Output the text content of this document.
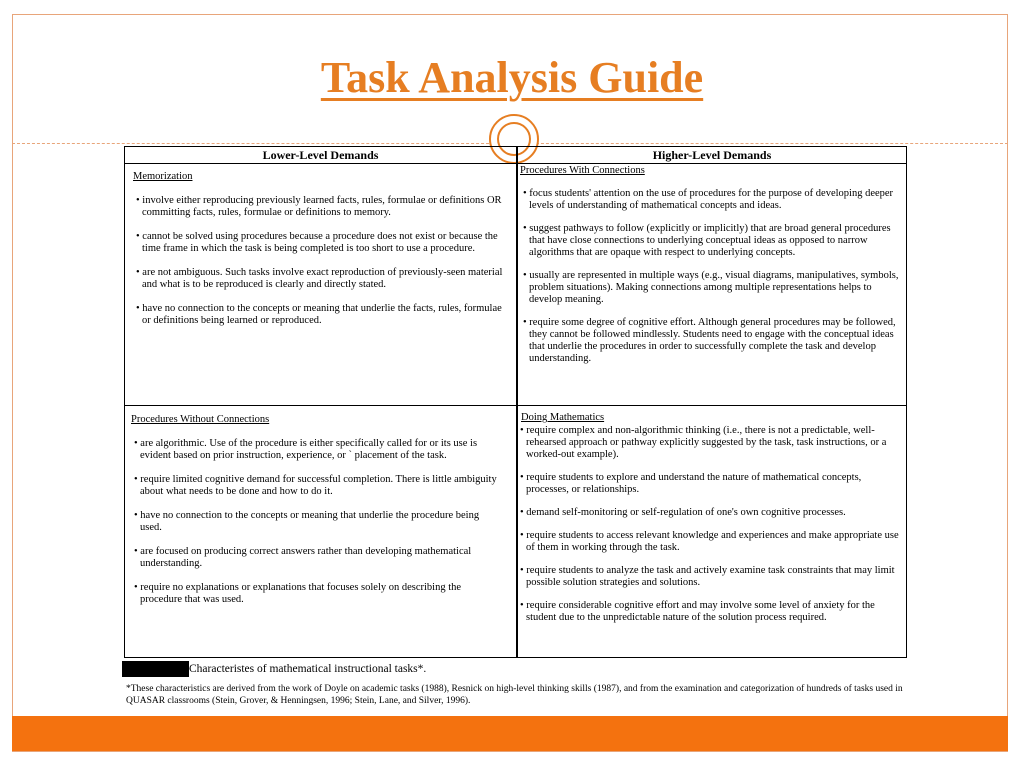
Task Analysis Guide
Lower-Level Demands	Higher-Level Demands
Memorization
• involve either reproducing previously learned facts, rules, formulae or definitions OR committing facts, rules, formulae or definitions to memory.
• cannot be solved using procedures because a procedure does not exist or because the time frame in which the task is being completed is too short to use a procedure.
• are not ambiguous. Such tasks involve exact reproduction of previously-seen material and what is to be reproduced is clearly and directly stated.
• have no connection to the concepts or meaning that underlie the facts, rules, formulae or definitions being learned or reproduced.
Procedures With Connections
• focus students' attention on the use of procedures for the purpose of developing deeper levels of understanding of mathematical concepts and ideas.
• suggest pathways to follow (explicitly or implicitly) that are broad general procedures that have close connections to underlying conceptual ideas as opposed to narrow algorithms that are opaque with respect to underlying concepts.
• usually are represented in multiple ways (e.g., visual diagrams, manipulatives, symbols, problem situations). Making connections among multiple representations helps to develop meaning.
• require some degree of cognitive effort. Although general procedures may be followed, they cannot be followed mindlessly. Students need to engage with the conceptual ideas that underlie the procedures in order to successfully complete the task and develop understanding.
Procedures Without Connections
• are algorithmic. Use of the procedure is either specifically called for or its use is evident based on prior instruction, experience, or ` placement of the task.
• require limited cognitive demand for successful completion. There is little ambiguity about what needs to be done and how to do it.
• have no connection to the concepts or meaning that underlie the procedure being used.
• are focused on producing correct answers rather than developing mathematical understanding.
• require no explanations or explanations that focuses solely on describing the procedure that was used.
Doing Mathematics
• require complex and non-algorithmic thinking (i.e., there is not a predictable, well-rehearsed approach or pathway explicitly suggested by the task, task instructions, or a worked-out example).
• require students to explore and understand the nature of mathematical concepts, processes, or relationships.
• demand self-monitoring or self-regulation of one's own cognitive processes.
• require students to access relevant knowledge and experiences and make appropriate use of them in working through the task.
• require students to analyze the task and actively examine task constraints that may limit possible solution strategies and solutions.
• require considerable cognitive effort and may involve some level of anxiety for the student due to the unpredictable nature of the solution process required.
Characteristes of mathematical instructional tasks*.
*These characteristics are derived from the work of Doyle on academic tasks (1988), Resnick on high-level thinking skills (1987), and from the examination and categorization of hundreds of tasks used in QUASAR classrooms (Stein, Grover, & Henningsen, 1996; Stein, Lane, and Silver, 1996).
